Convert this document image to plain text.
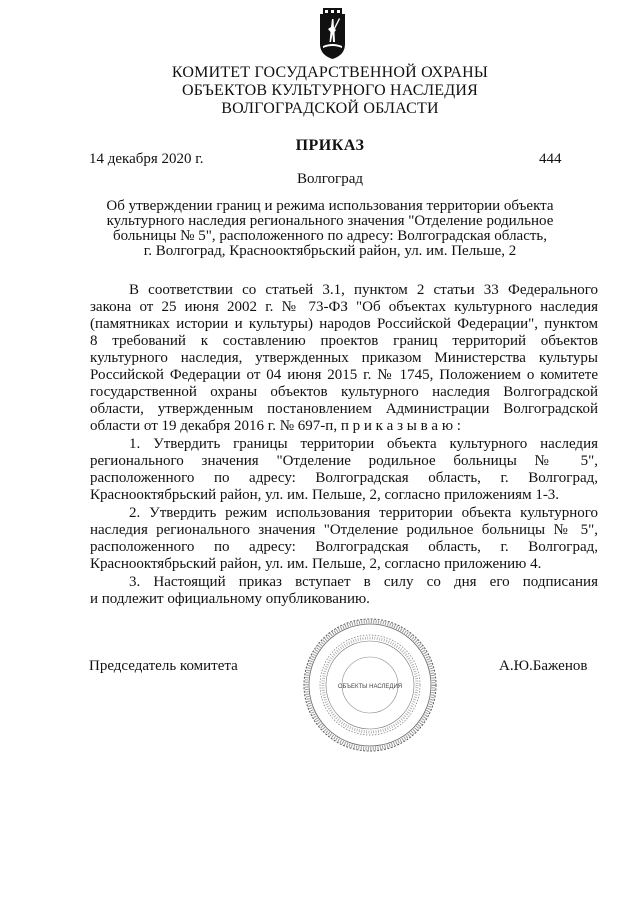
КОМИТЕТ ГОСУДАРСТВЕННОЙ ОХРАНЫ
ОБЪЕКТОВ КУЛЬТУРНОГО НАСЛЕДИЯ
ВОЛГОГРАДСКОЙ ОБЛАСТИ
ПРИКАЗ
14 декабря 2020 г.	444
Волгоград
Об утверждении границ и режима использования территории объекта
культурного наследия регионального значения "Отделение родильное
больницы № 5", расположенного по адресу: Волгоградская область,
г. Волгоград, Краснооктябрьский район, ул. им. Пельше, 2
В соответствии со статьей 3.1, пунктом 2 статьи 33 Федерального
закона от 25 июня 2002 г. № 73-ФЗ "Об объектах культурного наследия
(памятниках истории и культуры) народов Российской Федерации", пунктом
8 требований к составлению проектов границ территорий объектов
культурного наследия, утвержденных приказом Министерства культуры
Российской Федерации от 04 июня 2015 г. № 1745, Положением о комитете
государственной охраны объектов культурного наследия Волгоградской
области, утвержденным постановлением Администрации Волгоградской
области от 19 декабря 2016 г. № 697-п, п р и к а з ы в а ю :
1. Утвердить границы территории объекта культурного наследия
регионального значения "Отделение родильное больницы № 5",
расположенного по адресу: Волгоградская область, г. Волгоград,
Краснооктябрьский район, ул. им. Пельше, 2, согласно приложениям 1-3.
2. Утвердить режим использования территории объекта культурного
наследия регионального значения "Отделение родильное больницы № 5",
расположенного по адресу: Волгоградская область, г. Волгоград,
Краснооктябрьский район, ул. им. Пельше, 2, согласно приложению 4.
3. Настоящий приказ вступает в силу со дня его подписания
и подлежит официальному опубликованию.
ОБЪЕКТЫ НАСЛЕДИЯ
Председатель комитета	А.Ю.Баженов
